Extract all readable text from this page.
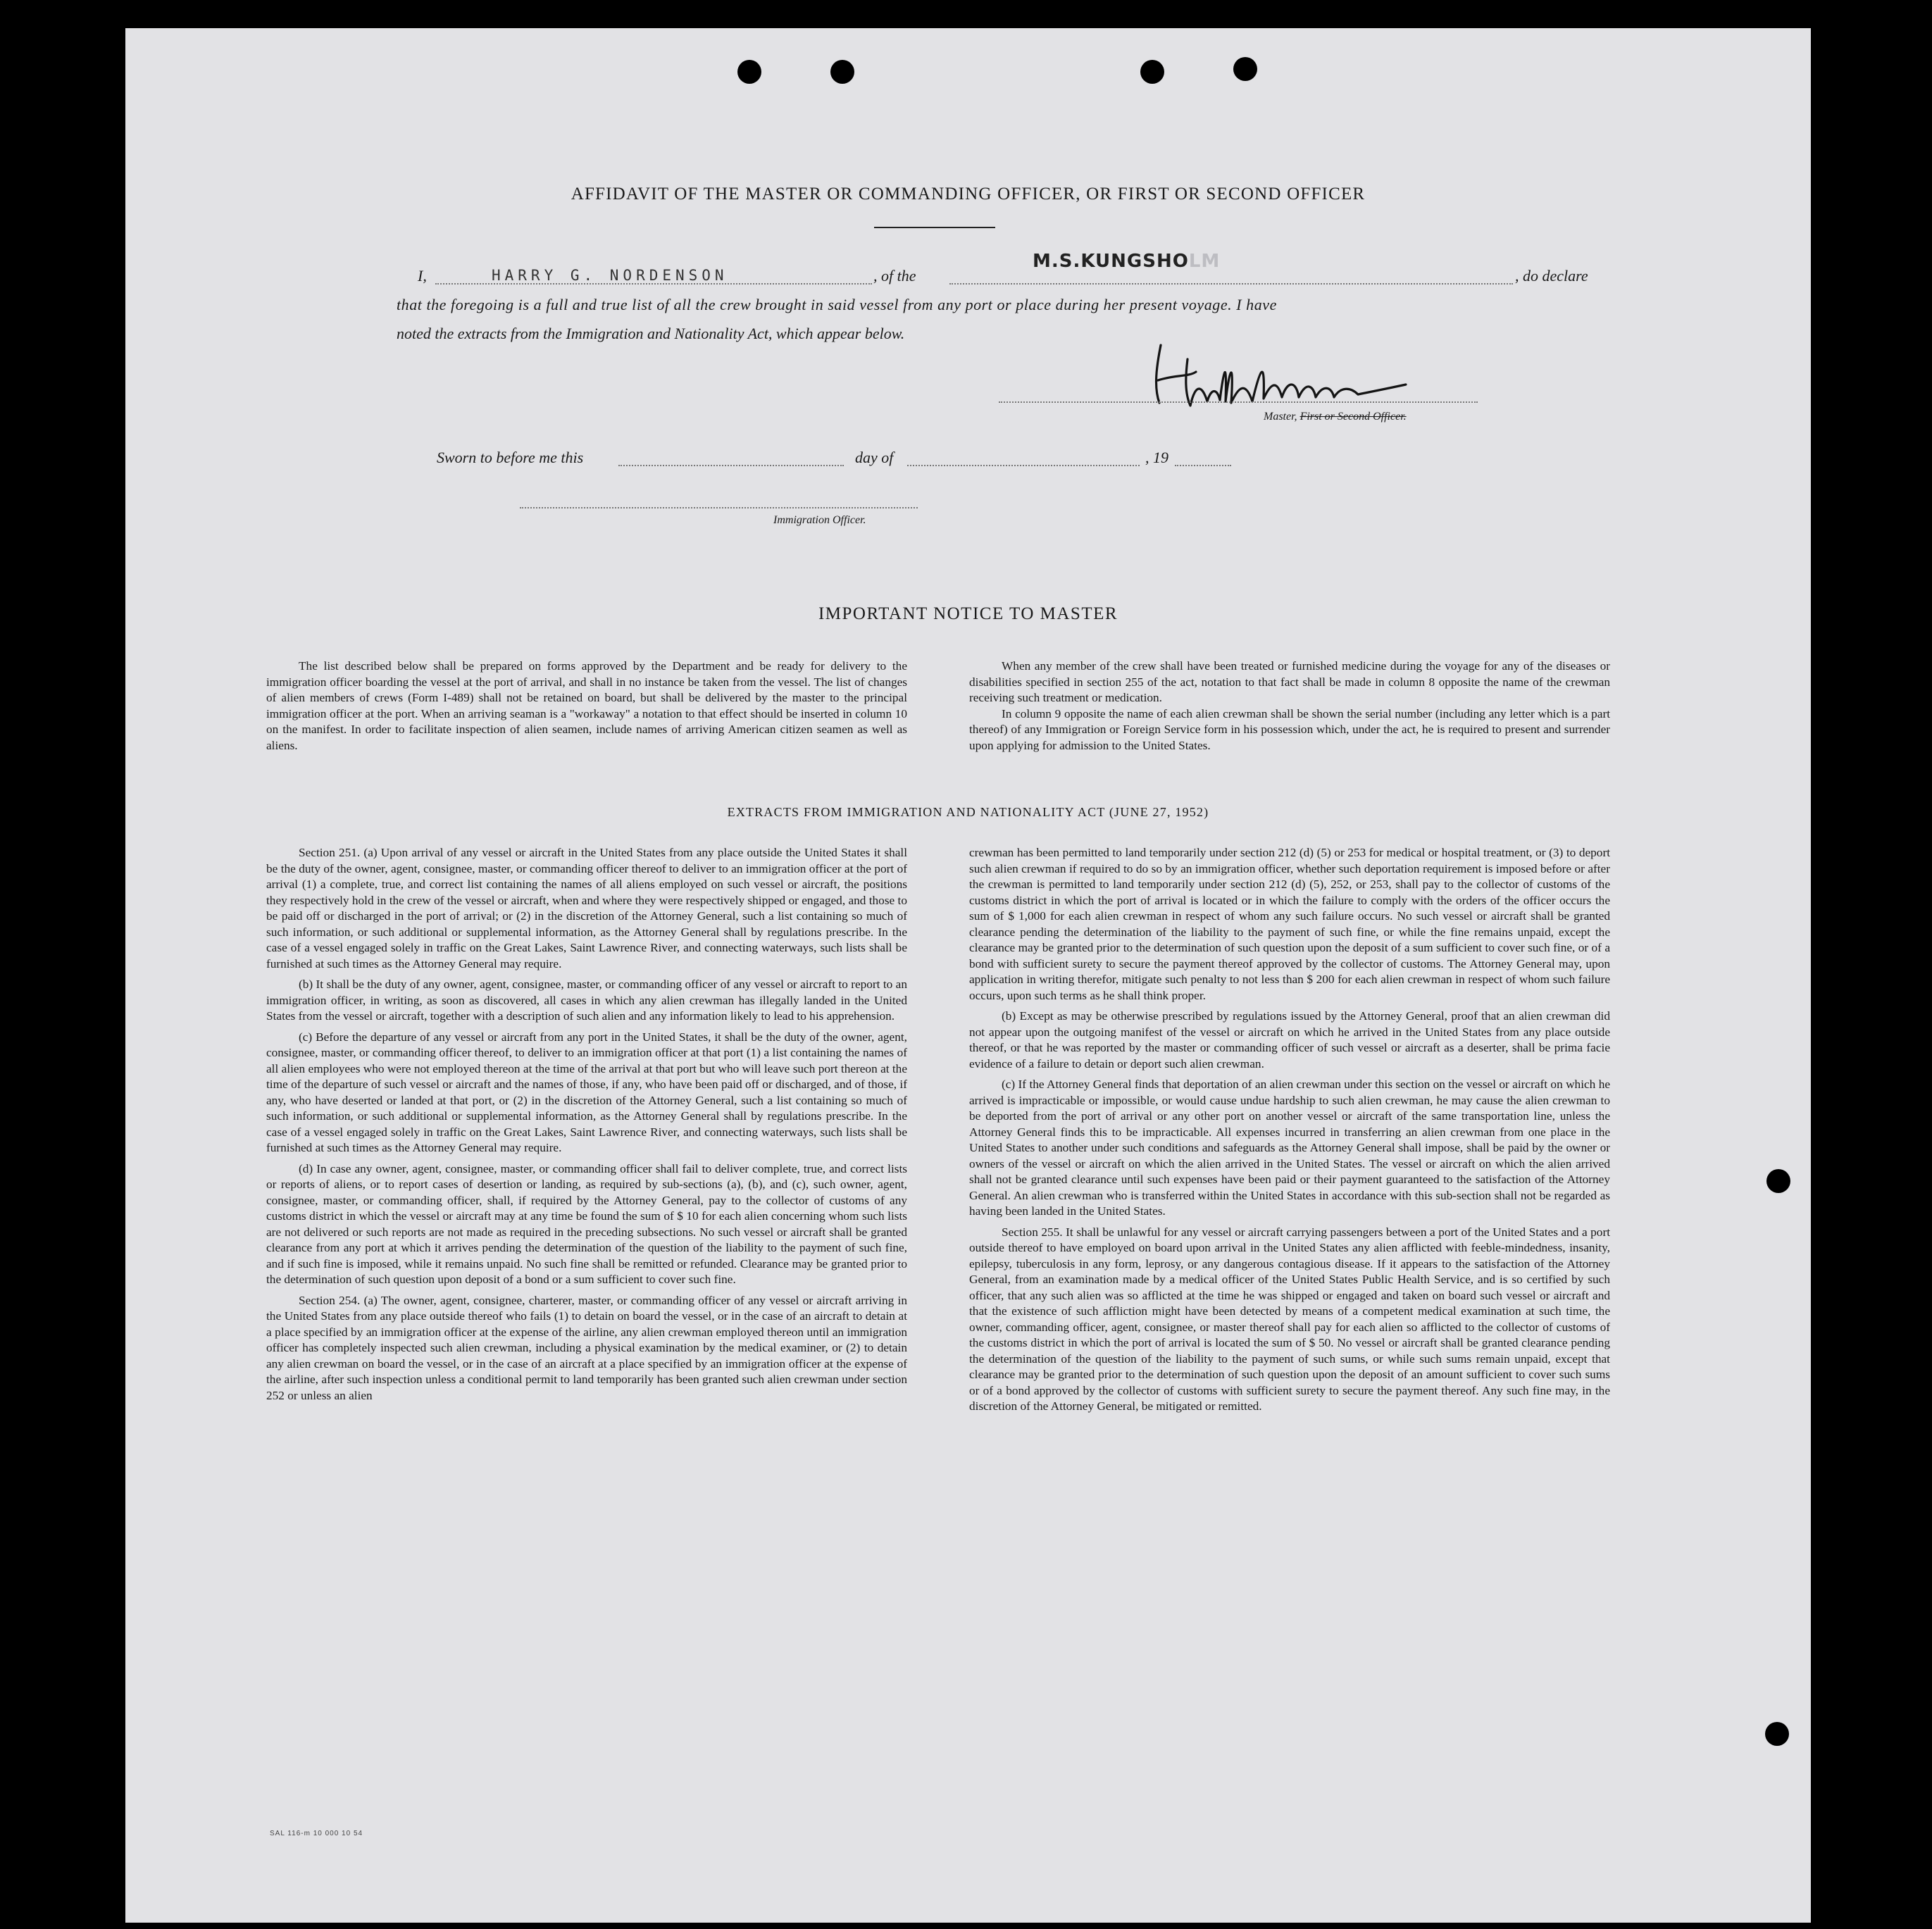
AFFIDAVIT OF THE MASTER OR COMMANDING OFFICER, OR FIRST OR SECOND OFFICER
I,	HARRY G. NORDENSON	, of the
M.S.KUNGSHOLM
, do declare
that the foregoing is a full and true list of all the crew brought in said vessel from any port or place during her present voyage. I have
noted the extracts from the Immigration and Nationality Act, which appear below.
Master, First or Second Officer.
Sworn to before me this	day of	, 19
Immigration Officer.
IMPORTANT NOTICE TO MASTER

The list described below shall be prepared on forms approved by the Department and be ready for delivery to the immigration officer boarding the vessel at the port of arrival, and shall in no instance be taken from the vessel. The list of changes of alien members of crews (Form I-489) shall not be retained on board, but shall be delivered by the master to the principal immigration officer at the port. When an arriving seaman is a "workaway" a notation to that effect should be inserted in column 10 on the manifest. In order to facilitate inspection of alien seamen, include names of arriving American citizen seamen as well as aliens.

When any member of the crew shall have been treated or furnished medicine during the voyage for any of the diseases or disabilities specified in section 255 of the act, notation to that fact shall be made in column 8 opposite the name of the crewman receiving such treatment or medication.

In column 9 opposite the name of each alien crewman shall be shown the serial number (including any letter which is a part thereof) of any Immigration or Foreign Service form in his possession which, under the act, he is required to present and surrender upon applying for admission to the United States.

EXTRACTS FROM IMMIGRATION AND NATIONALITY ACT (JUNE 27, 1952)

Section 251. (a) Upon arrival of any vessel or aircraft in the United States from any place outside the United States it shall be the duty of the owner, agent, consignee, master, or commanding officer thereof to deliver to an immigration officer at the port of arrival (1) a complete, true, and correct list containing the names of all aliens employed on such vessel or aircraft, the positions they respectively hold in the crew of the vessel or aircraft, when and where they were respectively shipped or engaged, and those to be paid off or discharged in the port of arrival; or (2) in the discretion of the Attorney General, such a list containing so much of such information, or such additional or supplemental information, as the Attorney General shall by regulations prescribe. In the case of a vessel engaged solely in traffic on the Great Lakes, Saint Lawrence River, and connecting waterways, such lists shall be furnished at such times as the Attorney General may require.

(b) It shall be the duty of any owner, agent, consignee, master, or commanding officer of any vessel or aircraft to report to an immigration officer, in writing, as soon as discovered, all cases in which any alien crewman has illegally landed in the United States from the vessel or aircraft, together with a description of such alien and any information likely to lead to his apprehension.

(c) Before the departure of any vessel or aircraft from any port in the United States, it shall be the duty of the owner, agent, consignee, master, or commanding officer thereof, to deliver to an immigration officer at that port (1) a list containing the names of all alien employees who were not employed thereon at the time of the arrival at that port but who will leave such port thereon at the time of the departure of such vessel or aircraft and the names of those, if any, who have been paid off or discharged, and of those, if any, who have deserted or landed at that port, or (2) in the discretion of the Attorney General, such a list containing so much of such information, or such additional or supplemental information, as the Attorney General shall by regulations prescribe. In the case of a vessel engaged solely in traffic on the Great Lakes, Saint Lawrence River, and connecting waterways, such lists shall be furnished at such times as the Attorney General may require.

(d) In case any owner, agent, consignee, master, or commanding officer shall fail to deliver complete, true, and correct lists or reports of aliens, or to report cases of desertion or landing, as required by sub-sections (a), (b), and (c), such owner, agent, consignee, master, or commanding officer, shall, if required by the Attorney General, pay to the collector of customs of any customs district in which the vessel or aircraft may at any time be found the sum of $ 10 for each alien concerning whom such lists are not delivered or such reports are not made as required in the preceding subsections. No such vessel or aircraft shall be granted clearance from any port at which it arrives pending the determination of the question of the liability to the payment of such fine, and if such fine is imposed, while it remains unpaid. No such fine shall be remitted or refunded. Clearance may be granted prior to the determination of such question upon deposit of a bond or a sum sufficient to cover such fine.

Section 254. (a) The owner, agent, consignee, charterer, master, or commanding officer of any vessel or aircraft arriving in the United States from any place outside thereof who fails (1) to detain on board the vessel, or in the case of an aircraft to detain at a place specified by an immigration officer at the expense of the airline, any alien crewman employed thereon until an immigration officer has completely inspected such alien crewman, including a physical examination by the medical examiner, or (2) to detain any alien crewman on board the vessel, or in the case of an aircraft at a place specified by an immigration officer at the expense of the airline, after such inspection unless a conditional permit to land temporarily has been granted such alien crewman under section 252 or unless an alien

crewman has been permitted to land temporarily under section 212 (d) (5) or 253 for medical or hospital treatment, or (3) to deport such alien crewman if required to do so by an immigration officer, whether such deportation requirement is imposed before or after the crewman is permitted to land temporarily under section 212 (d) (5), 252, or 253, shall pay to the collector of customs of the customs district in which the port of arrival is located or in which the failure to comply with the orders of the officer occurs the sum of $ 1,000 for each alien crewman in respect of whom any such failure occurs. No such vessel or aircraft shall be granted clearance pending the determination of the liability to the payment of such fine, or while the fine remains unpaid, except the clearance may be granted prior to the determination of such question upon the deposit of a sum sufficient to cover such fine, or of a bond with sufficient surety to secure the payment thereof approved by the collector of customs. The Attorney General may, upon application in writing therefor, mitigate such penalty to not less than $ 200 for each alien crewman in respect of whom such failure occurs, upon such terms as he shall think proper.

(b) Except as may be otherwise prescribed by regulations issued by the Attorney General, proof that an alien crewman did not appear upon the outgoing manifest of the vessel or aircraft on which he arrived in the United States from any place outside thereof, or that he was reported by the master or commanding officer of such vessel or aircraft as a deserter, shall be prima facie evidence of a failure to detain or deport such alien crewman.

(c) If the Attorney General finds that deportation of an alien crewman under this section on the vessel or aircraft on which he arrived is impracticable or impossible, or would cause undue hardship to such alien crewman, he may cause the alien crewman to be deported from the port of arrival or any other port on another vessel or aircraft of the same transportation line, unless the Attorney General finds this to be impracticable. All expenses incurred in transferring an alien crewman from one place in the United States to another under such conditions and safeguards as the Attorney General shall impose, shall be paid by the owner or owners of the vessel or aircraft on which the alien arrived in the United States. The vessel or aircraft on which the alien arrived shall not be granted clearance until such expenses have been paid or their payment guaranteed to the satisfaction of the Attorney General. An alien crewman who is transferred within the United States in accordance with this sub-section shall not be regarded as having been landed in the United States.

Section 255. It shall be unlawful for any vessel or aircraft carrying passengers between a port of the United States and a port outside thereof to have employed on board upon arrival in the United States any alien afflicted with feeble-mindedness, insanity, epilepsy, tuberculosis in any form, leprosy, or any dangerous contagious disease. If it appears to the satisfaction of the Attorney General, from an examination made by a medical officer of the United States Public Health Service, and is so certified by such officer, that any such alien was so afflicted at the time he was shipped or engaged and taken on board such vessel or aircraft and that the existence of such affliction might have been detected by means of a competent medical examination at such time, the owner, commanding officer, agent, consignee, or master thereof shall pay for each alien so afflicted to the collector of customs of the customs district in which the port of arrival is located the sum of $ 50. No vessel or aircraft shall be granted clearance pending the determination of the question of the liability to the payment of such sums, or while such sums remain unpaid, except that clearance may be granted prior to the determination of such question upon the deposit of an amount sufficient to cover such sums or of a bond approved by the collector of customs with sufficient surety to secure the payment thereof. Any such fine may, in the discretion of the Attorney General, be mitigated or remitted.

SAL 116-m 10 000 10 54
